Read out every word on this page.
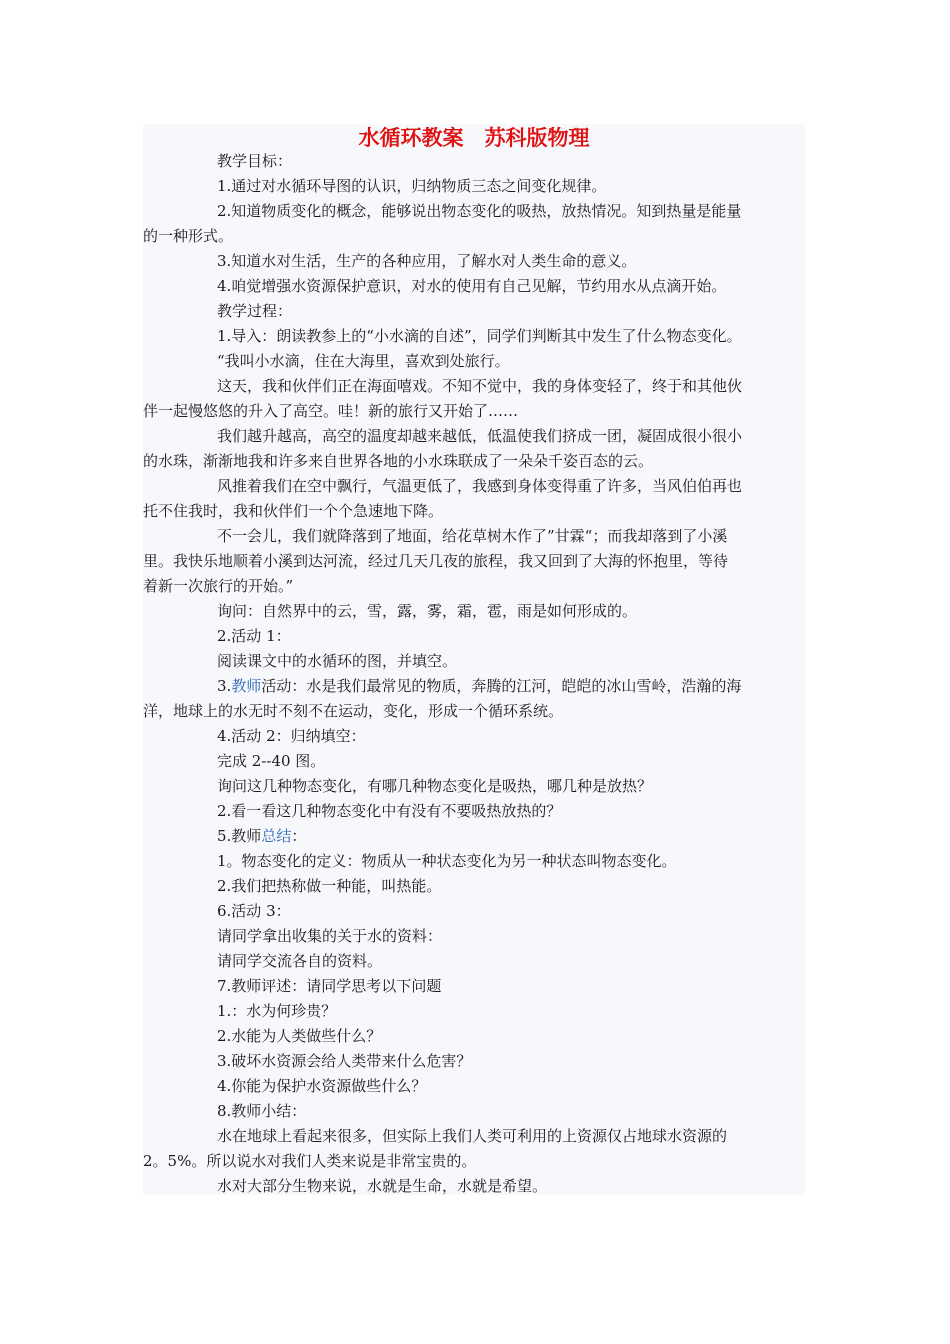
水循环教案　苏科版物理
教学目标：
1.通过对水循环导图的认识，归纳物质三态之间变化规律。
2.知道物质变化的概念，能够说出物态变化的吸热，放热情况。知到热量是能量
的一种形式。
3.知道水对生活，生产的各种应用，了解水对人类生命的意义。
4.咱觉增强水资源保护意识，对水的使用有自己见解，节约用水从点滴开始。
教学过程：
1.导入：朗读教参上的“小水滴的自述”，同学们判断其中发生了什么物态变化。
“我叫小水滴，住在大海里，喜欢到处旅行。
这天，我和伙伴们正在海面嘻戏。不知不觉中，我的身体变轻了，终于和其他伙
伴一起慢悠悠的升入了高空。哇！新的旅行又开始了……
我们越升越高，高空的温度却越来越低，低温使我们挤成一团，凝固成很小很小
的水珠，渐渐地我和许多来自世界各地的小水珠联成了一朵朵千姿百态的云。
风推着我们在空中飘行，气温更低了，我感到身体变得重了许多，当风伯伯再也
托不住我时，我和伙伴们一个个急速地下降。
不一会儿，我们就降落到了地面，给花草树木作了”甘霖“；而我却落到了小溪
里。我快乐地顺着小溪到达河流，经过几天几夜的旅程，我又回到了大海的怀抱里，等待
着新一次旅行的开始。”
询问：自然界中的云，雪，露，雾，霜，雹，雨是如何形成的。
2.活动 1：
阅读课文中的水循环的图，并填空。
3.教师活动：水是我们最常见的物质，奔腾的江河，皑皑的冰山雪岭，浩瀚的海
洋，地球上的水无时不刻不在运动，变化，形成一个循环系统。
4.活动 2：归纳填空：
完成 2--40 图。
询问这几种物态变化，有哪几种物态变化是吸热，哪几种是放热？
2.看一看这几种物态变化中有没有不要吸热放热的？
5.教师总结：
1。物态变化的定义：物质从一种状态变化为另一种状态叫物态变化。
2.我们把热称做一种能，叫热能。
6.活动 3：
请同学拿出收集的关于水的资料：
请同学交流各自的资料。
7.教师评述：请同学思考以下问题
1.：水为何珍贵？
2.水能为人类做些什么？
3.破坏水资源会给人类带来什么危害？
4.你能为保护水资源做些什么？
8.教师小结：
水在地球上看起来很多，但实际上我们人类可利用的上资源仅占地球水资源的
2。5%。所以说水对我们人类来说是非常宝贵的。
水对大部分生物来说，水就是生命，水就是希望。
